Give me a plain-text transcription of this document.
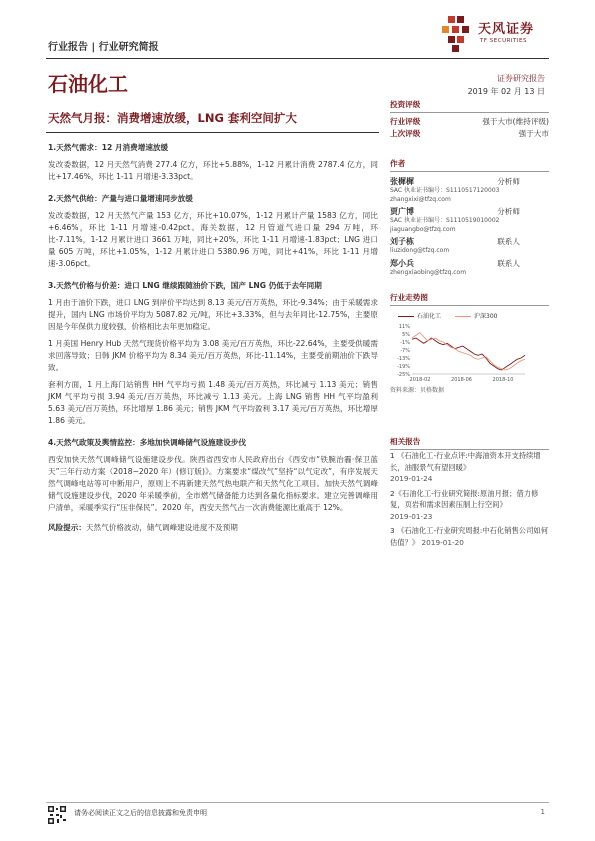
行业报告 | 行业研究简报
天风证券
TF SECURITIES
石油化工	证券研究报告
2019 年 02 月 13 日
天然气月报：消费增速放缓，LNG 套利空间扩大
1.天然气需求：12 月消费增速放缓

发改委数据，12 月天然气消费 277.4 亿方，环比+5.88%，1-12 月累计消费 2787.4 亿方，同比+17.46%，环比 1-11 月增速-3.33pct。

2.天然气供给：产量与进口量增速同步放缓

发改委数据，12 月天然气产量 153 亿方，环比+10.07%，1-12 月累计产量 1583 亿方，同比+6.46%，环比 1-11 月增速-0.42pct。海关数据，12 月管道气进口量 294 万吨，环比-7.11%，1-12 月累计进口 3661 万吨，同比+20%，环比 1-11 月增速-1.83pct；LNG 进口量 605 万吨，环比+1.05%，1-12 月累计进口 5380.96 万吨，同比+41%，环比 1-11 月增速-3.06pct。

3.天然气价格与价差：进口 LNG 继续跟随油价下跌，国产 LNG 仍低于去年同期

1 月由于油价下跌，进口 LNG 到岸价平均达到 8.13 美元/百万英热，环比-9.34%；由于采暖需求提升，国内 LNG 市场价平均为 5087.82 元/吨，环比+3.33%，但与去年同比-12.75%，主要原因是今年保供力度较强，价格相比去年更加稳定。

1 月美国 Henry Hub 天然气现货价格平均为 3.08 美元/百万英热，环比-22.64%，主要受供暖需求回落导致；日韩 JKM 价格平均为 8.34 美元/百万英热，环比-11.14%，主要受前期油价下跌导致。

套利方面，1 月上海门站销售 HH 气平均亏损 1.48 美元/百万英热，环比减亏 1.13 美元；销售 JKM 气平均亏损 3.94 美元/百万英热，环比减亏 1.13 美元。上海 LNG 销售 HH 气平均盈利 5.63 美元/百万英热，环比增厚 1.86 美元；销售 JKM 气平均盈利 3.17 美元/百万英热，环比增厚 1.86 美元。

4.天然气政策及舆情监控：多地加快调峰储气设施建设步伐

西安加快天然气调峰储气设施建设步伐。陕西省西安市人民政府出台《西安市“铁腕治霾·保卫蓝天”三年行动方案（2018~2020 年）(修订版)》。方案要求“煤改气”坚持“以气定改”，有序发展天然气调峰电站等可中断用户，原则上不再新建天然气热电联产和天然气化工项目。加快天然气调峰储气设施建设步伐，2020 年采暖季前，全市燃气储备能力达到各量化指标要求。建立完善调峰用户清单，采暖季实行“压非保民”。2020 年，西安天然气占一次消费能源比重高于 12%。

风险提示：天然气价格波动，储气调峰建设进度不及预期

投资评级
行业评级	强于大市(维持评级)
上次评级	强于大市
作者
张樨樨	分析师
SAC 执业证书编号：S1110517120003
zhangxixi@tfzq.com
贾广博	分析师
SAC 执业证书编号：S1110519010002
jiaguangbo@tfzq.com
刘子栋	联系人
liuzidong@tfzq.com
郑小兵	联系人
zhengxiaobing@tfzq.com
行业走势图
石油化工	沪深300
11%
5%
-1%
-7%
-13%
-19%
-25%
2018-02	2018-06	2018-10
资料来源：贝格数据
相关报告
1 《石油化工-行业点评:中海油资本开支持续增长，油服景气有望回暖》
2019-01-24
2《石油化工-行业研究简报:原油月报；借力修复，页岩和需求因素压制上行空间》
2019-01-23
3 《石油化工-行业研究周报:中石化销售公司如何估值？》 2019-01-20
请务必阅读正文之后的信息披露和免责申明	1
